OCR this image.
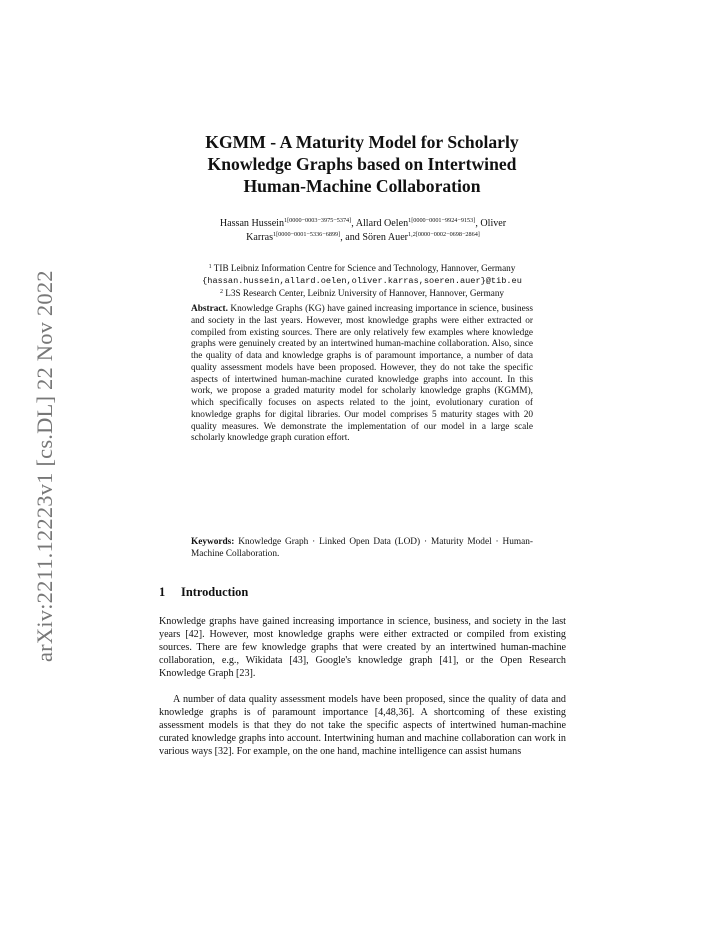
arXiv:2211.12223v1 [cs.DL] 22 Nov 2022
KGMM - A Maturity Model for Scholarly
Knowledge Graphs based on Intertwined
Human-Machine Collaboration
Hassan Hussein$^{1[0000-0003-3975-5374]}$, Allard Oelen$^{1[0000-0001-9924-9153]}$, Oliver
Karras$^{1[0000-0001-5336-6899]}$, and Sören Auer$^{1,2[0000-0002-0698-2864]}$
$^1$ TIB Leibniz Information Centre for Science and Technology, Hannover, Germany
{hassan.hussein,allard.oelen,oliver.karras,soeren.auer}@tib.eu
$^2$ L3S Research Center, Leibniz University of Hannover, Hannover, Germany
Abstract. Knowledge Graphs (KG) have gained increasing importance in science, business and society in the last years. However, most knowledge graphs were either extracted or compiled from existing sources. There are only relatively few examples where knowledge graphs were genuinely created by an intertwined human-machine collaboration. Also, since the quality of data and knowledge graphs is of paramount importance, a number of data quality assessment models have been proposed. However, they do not take the specific aspects of intertwined human-machine curated knowledge graphs into account. In this work, we propose a graded maturity model for scholarly knowledge graphs (KGMM), which specifically focuses on aspects related to the joint, evolutionary curation of knowledge graphs for digital libraries. Our model comprises 5 maturity stages with 20 quality measures. We demonstrate the implementation of our model in a large scale scholarly knowledge graph curation effort.
Keywords: Knowledge Graph · Linked Open Data (LOD) · Maturity Model · Human-Machine Collaboration.
1 Introduction
Knowledge graphs have gained increasing importance in science, business, and society in the last years [42]. However, most knowledge graphs were either extracted or compiled from existing sources. There are few knowledge graphs that were created by an intertwined human-machine collaboration, e.g., Wikidata [43], Google's knowledge graph [41], or the Open Research Knowledge Graph [23].
A number of data quality assessment models have been proposed, since the quality of data and knowledge graphs is of paramount importance [4,48,36]. A shortcoming of these existing assessment models is that they do not take the specific aspects of intertwined human-machine curated knowledge graphs into account. Intertwining human and machine collaboration can work in various ways [32]. For example, on the one hand, machine intelligence can assist humans
